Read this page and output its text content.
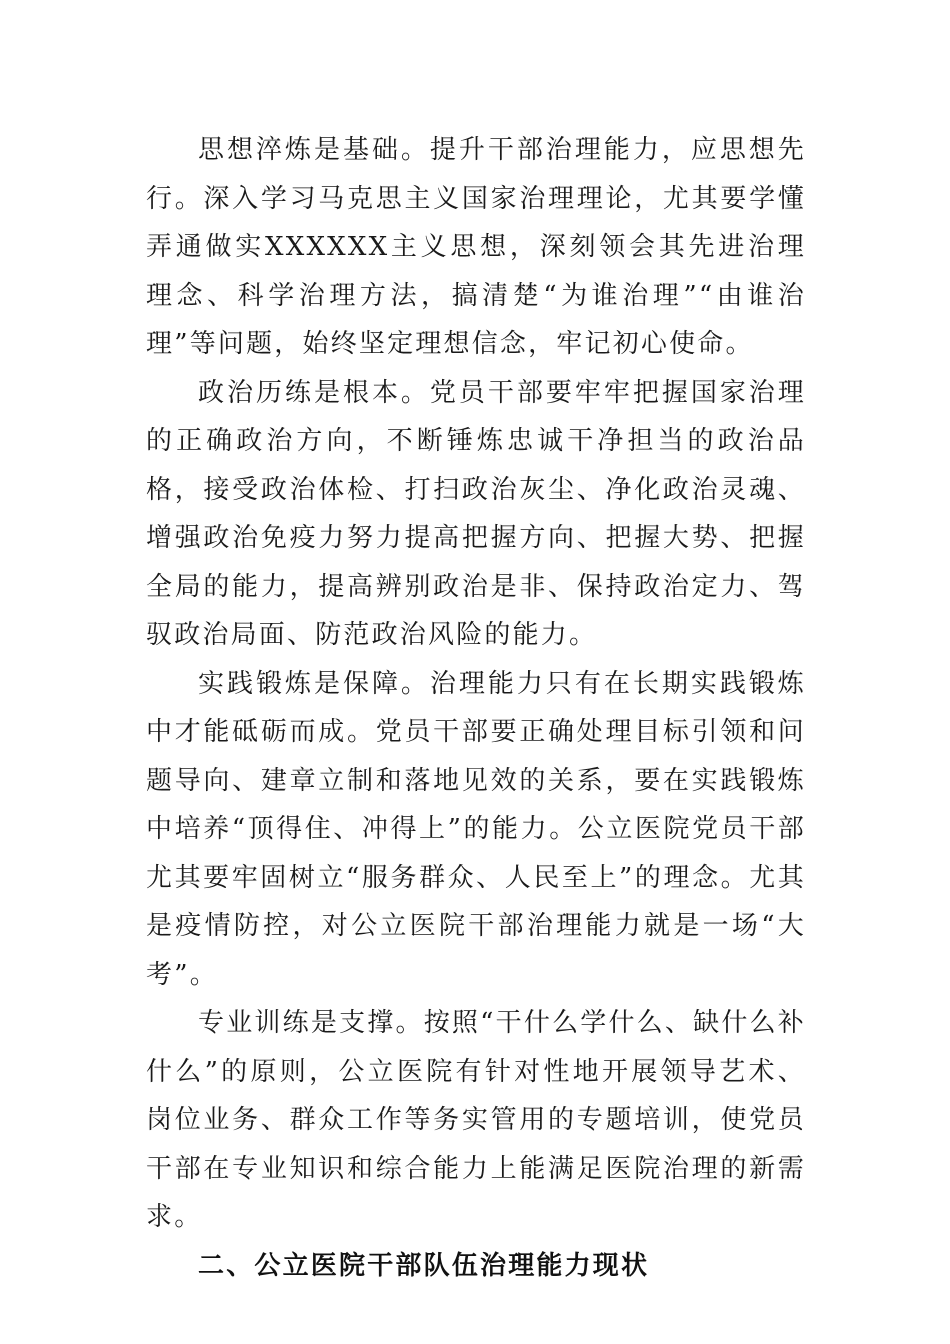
思想淬炼是基础。提升干部治理能力，应思想先行。深入学习马克思主义国家治理理论，尤其要学懂弄通做实XXXXXX主义思想，深刻领会其先进治理理念、科学治理方法，搞清楚“为谁治理”“由谁治理”等问题，始终坚定理想信念，牢记初心使命。

政治历练是根本。党员干部要牢牢把握国家治理的正确政治方向，不断锤炼忠诚干净担当的政治品格，接受政治体检、打扫政治灰尘、净化政治灵魂、增强政治免疫力努力提高把握方向、把握大势、把握全局的能力，提高辨别政治是非、保持政治定力、驾驭政治局面、防范政治风险的能力。

实践锻炼是保障。治理能力只有在长期实践锻炼中才能砥砺而成。党员干部要正确处理目标引领和问题导向、建章立制和落地见效的关系，要在实践锻炼中培养“顶得住、冲得上”的能力。公立医院党员干部尤其要牢固树立“服务群众、人民至上”的理念。尤其是疫情防控，对公立医院干部治理能力就是一场“大考”。

专业训练是支撑。按照“干什么学什么、缺什么补什么”的原则，公立医院有针对性地开展领导艺术、岗位业务、群众工作等务实管用的专题培训，使党员干部在专业知识和综合能力上能满足医院治理的新需求。

二、公立医院干部队伍治理能力现状
